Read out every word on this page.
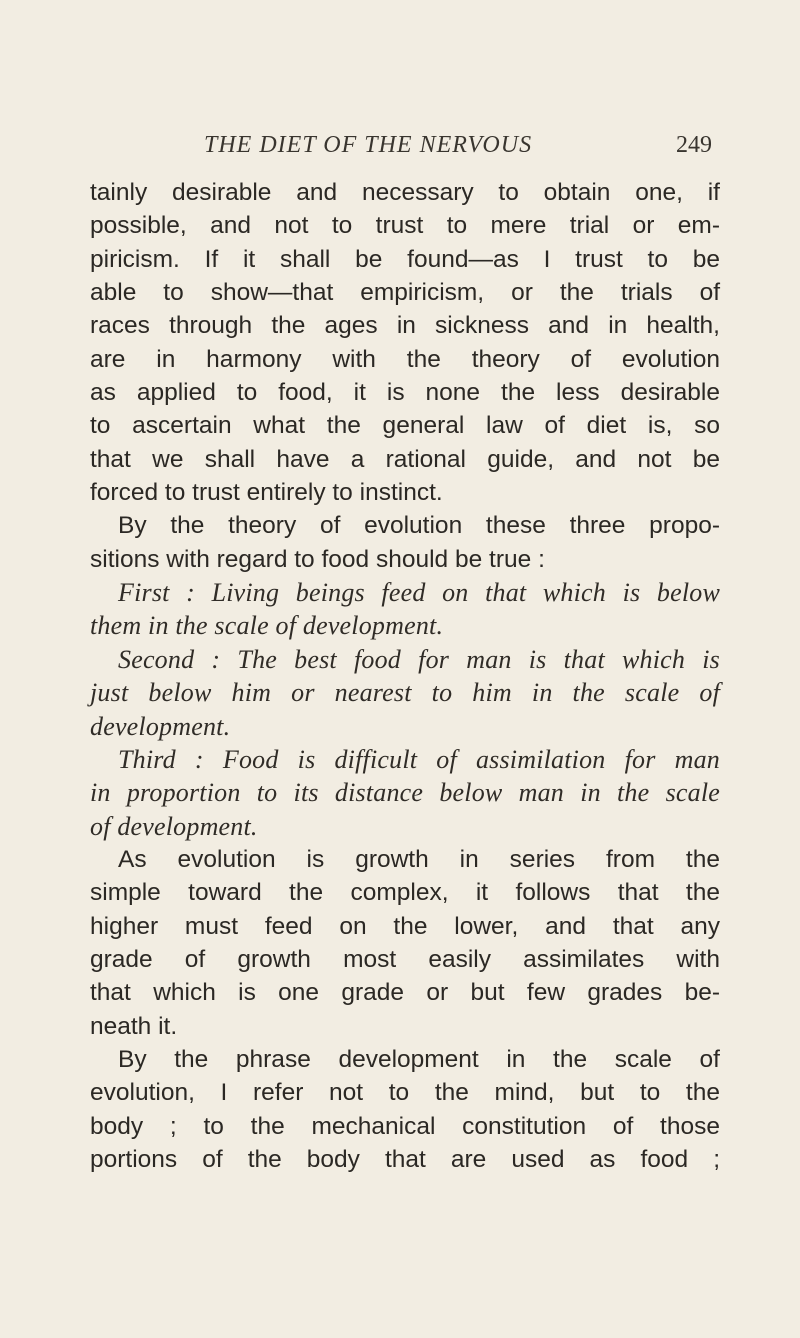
THE DIET OF THE NERVOUS	249
tainly desirable and necessary to obtain one, if
possible, and not to trust to mere trial or em-
piricism. If it shall be found—as I trust to be
able to show—that empiricism, or the trials of
races through the ages in sickness and in health,
are in harmony with the theory of evolution
as applied to food, it is none the less desirable
to ascertain what the general law of diet is, so
that we shall have a rational guide, and not be
forced to trust entirely to instinct.
By the theory of evolution these three propo-
sitions with regard to food should be true :
First : Living beings feed on that which is below
them in the scale of development.
Second : The best food for man is that which is
just below him or nearest to him in the scale of
development.
Third : Food is difficult of assimilation for man
in proportion to its distance below man in the scale
of development.
As evolution is growth in series from the
simple toward the complex, it follows that the
higher must feed on the lower, and that any
grade of growth most easily assimilates with
that which is one grade or but few grades be-
neath it.
By the phrase development in the scale of
evolution, I refer not to the mind, but to the
body ; to the mechanical constitution of those
portions of the body that are used as food ;
